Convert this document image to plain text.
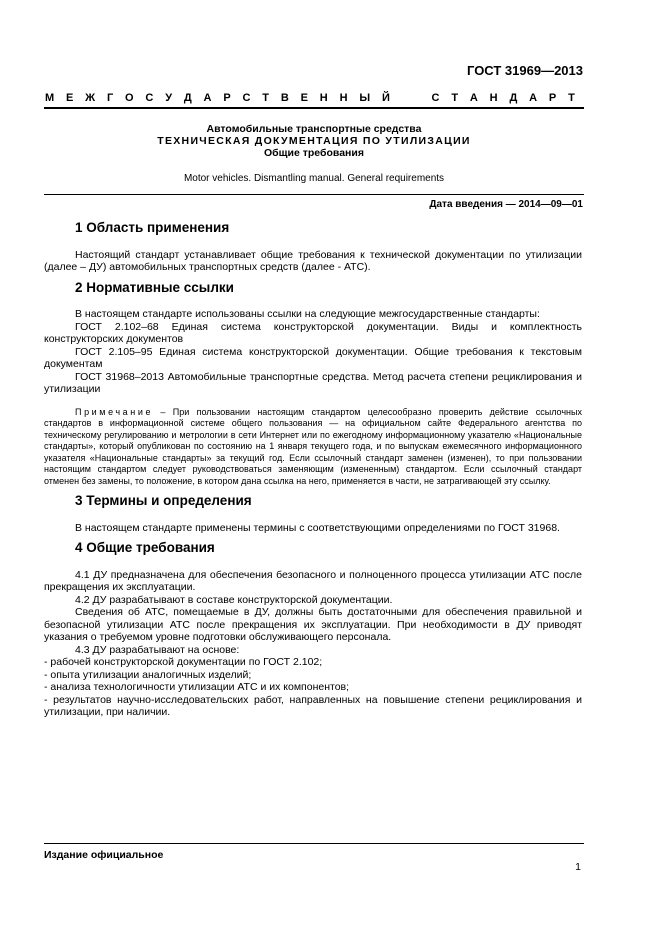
ГОСТ 31969—2013
М Е Ж Г О С У Д А Р С Т В Е Н Н Ы Й	С Т А Н Д А Р Т
Автомобильные транспортные средства
ТЕХНИЧЕСКАЯ ДОКУМЕНТАЦИЯ ПО УТИЛИЗАЦИИ
Общие требования
Motor vehicles. Dismantling manual. General requirements
Дата введения — 2014—09—01
1 Область применения

Настоящий стандарт устанавливает общие требования к технической документации по утилизации (далее – ДУ) автомобильных транспортных средств (далее - АТС).

2 Нормативные ссылки

В настоящем стандарте использованы ссылки на следующие межгосударственные стандарты:

ГОСТ 2.102–68 Единая система конструкторской документации. Виды и комплектность конструкторских документов

ГОСТ 2.105–95 Единая система конструкторской документации. Общие требования к текстовым документам

ГОСТ 31968–2013 Автомобильные транспортные средства. Метод расчета степени рециклирования и утилизации

Примечание – При пользовании настоящим стандартом целесообразно проверить действие ссылочных стандартов в информационной системе общего пользования — на официальном сайте Федерального агентства по техническому регулированию и метрологии в сети Интернет или по ежегодному информационному указателю «Национальные стандарты», который опубликован по состоянию на 1 января текущего года, и по выпускам ежемесячного информационного указателя «Национальные стандарты» за текущий год. Если ссылочный стандарт заменен (изменен), то при пользовании настоящим стандартом следует руководствоваться заменяющим (измененным) стандартом. Если ссылочный стандарт отменен без замены, то положение, в котором дана ссылка на него, применяется в части, не затрагивающей эту ссылку.

3 Термины и определения

В настоящем стандарте применены термины с соответствующими определениями по ГОСТ 31968.

4 Общие требования

4.1 ДУ предназначена для обеспечения безопасного и полноценного процесса утилизации АТС после прекращения их эксплуатации.

4.2 ДУ разрабатывают в составе конструкторской документации.

Сведения об АТС, помещаемые в ДУ, должны быть достаточными для обеспечения правильной и безопасной утилизации АТС после прекращения их эксплуатации. При необходимости в ДУ приводят указания о требуемом уровне подготовки обслуживающего персонала.

4.3 ДУ разрабатывают на основе:

- рабочей конструкторской документации по ГОСТ 2.102;

- опыта утилизации аналогичных изделий;

- анализа технологичности утилизации АТС и их компонентов;

- результатов научно-исследовательских работ, направленных на повышение степени рециклирования и утилизации, при наличии.

Издание официальное
1
